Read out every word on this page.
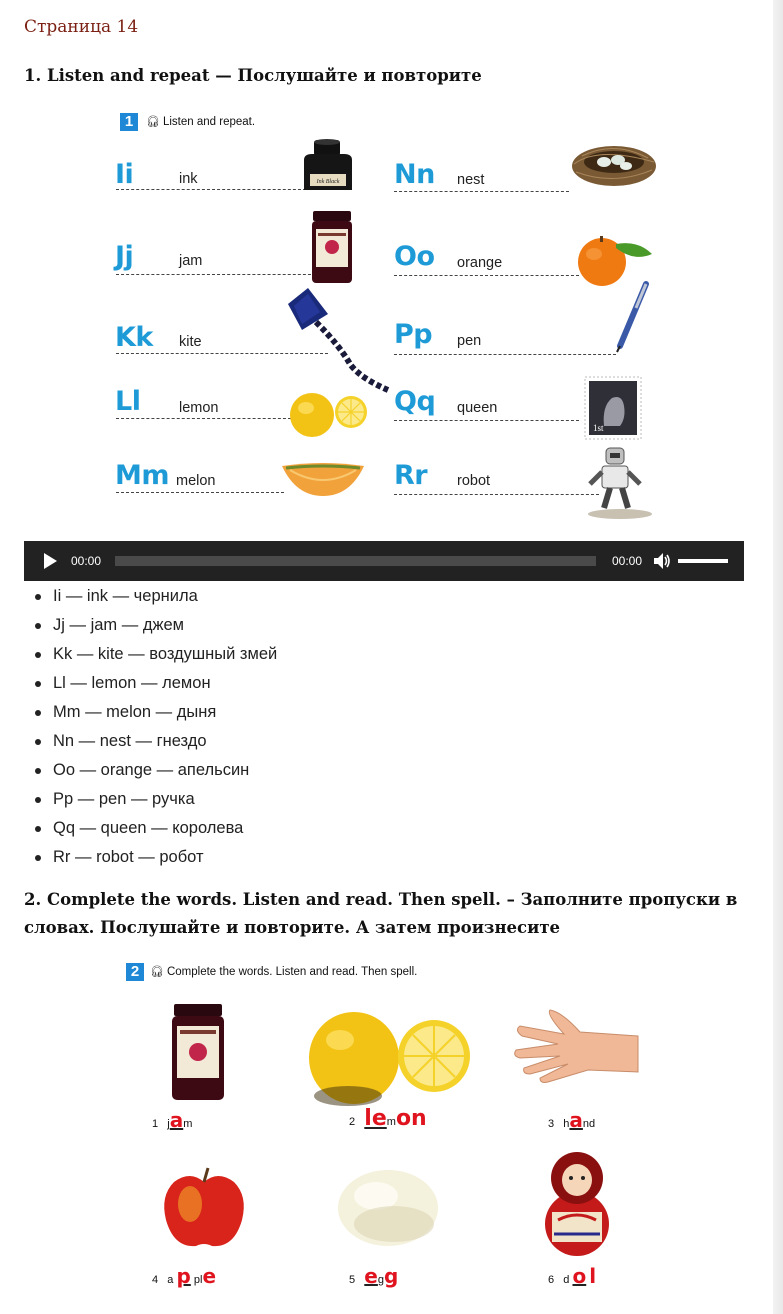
Страница 14
1. Listen and repeat — Послушайте и повторите
1	🎧︎ Listen and repeat.
Ii	ink
Jj	jam
Kk kite
Ll	lemon
Mm melon
Nn nest
Oo orange
Pp pen
Qq queen
Rr robot
Ink Black
1st
00:00	00:00
Ii — ink — чернила
Jj — jam — джем
Kk — kite — воздушный змей
Ll — lemon — лемон
Mm — melon — дыня
Nn — nest — гнездо
Oo — orange — апельсин
Pp — pen — ручка
Qq — queen — королева
Rr — robot — робот
2. Complete the words. Listen and read. Then spell. – Заполните пропуски в словах. Послушайте и повторите. А затем произнесите
2 🎧︎ Complete the words. Listen and read. Then spell.
1 jam	2 lemon	3 hand
4 a p ple	5 egg	6 d o l
